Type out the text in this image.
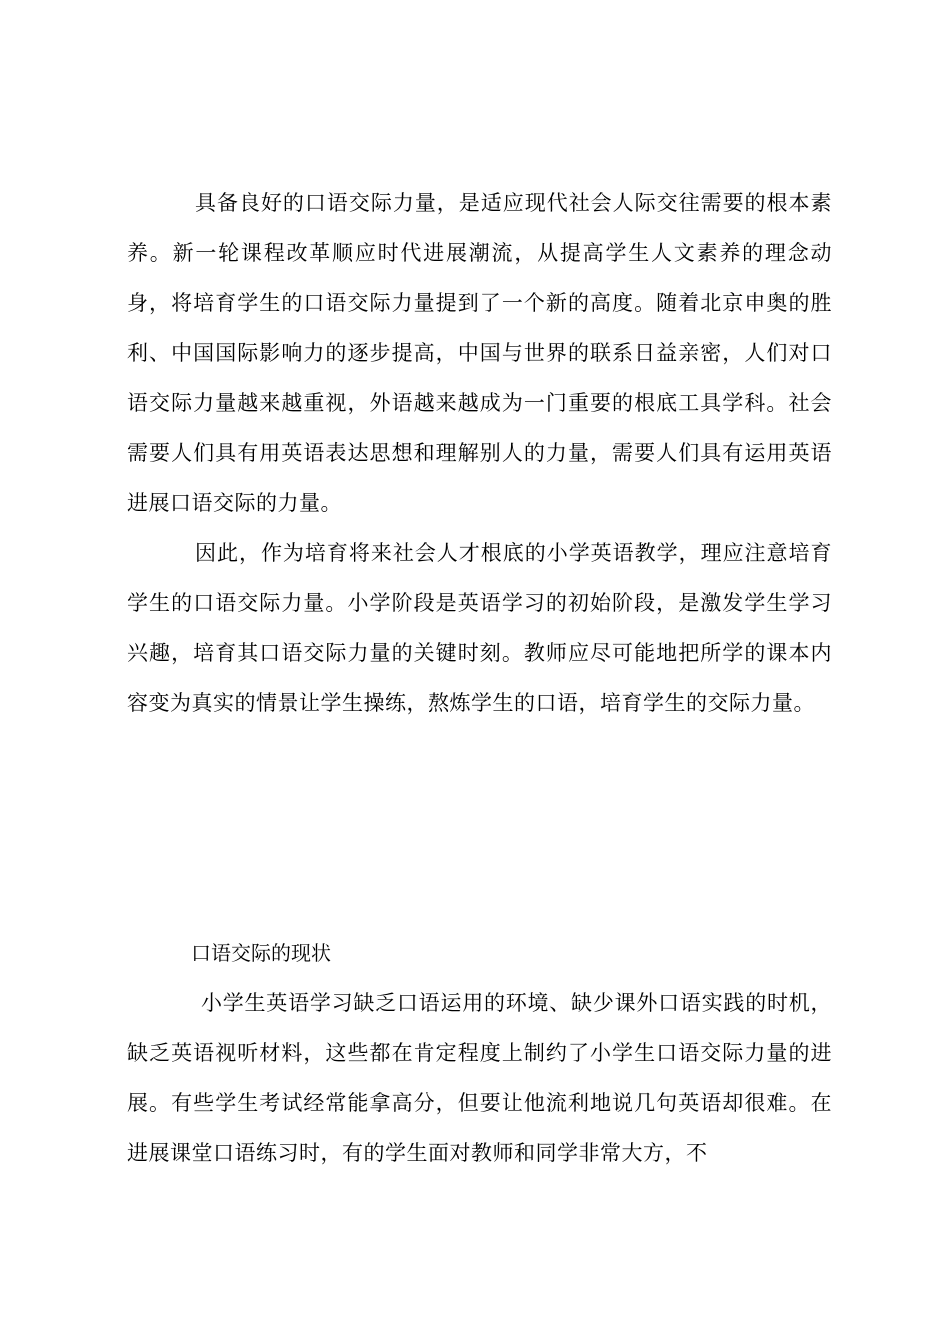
具备良好的口语交际力量，是适应现代社会人际交往需要的根本素养。新一轮课程改革顺应时代进展潮流，从提高学生人文素养的理念动身，将培育学生的口语交际力量提到了一个新的高度。随着北京申奥的胜利、中国国际影响力的逐步提高，中国与世界的联系日益亲密，人们对口语交际力量越来越重视，外语越来越成为一门重要的根底工具学科。社会需要人们具有用英语表达思想和理解别人的力量，需要人们具有运用英语进展口语交际的力量。

因此，作为培育将来社会人才根底的小学英语教学，理应注意培育学生的口语交际力量。小学阶段是英语学习的初始阶段，是激发学生学习兴趣，培育其口语交际力量的关键时刻。教师应尽可能地把所学的课本内容变为真实的情景让学生操练，熬炼学生的口语，培育学生的交际力量。

口语交际的现状

小学生英语学习缺乏口语运用的环境、缺少课外口语实践的时机，缺乏英语视听材料，这些都在肯定程度上制约了小学生口语交际力量的进展。有些学生考试经常能拿高分，但要让他流利地说几句英语却很难。在进展课堂口语练习时，有的学生面对教师和同学非常大方，不
